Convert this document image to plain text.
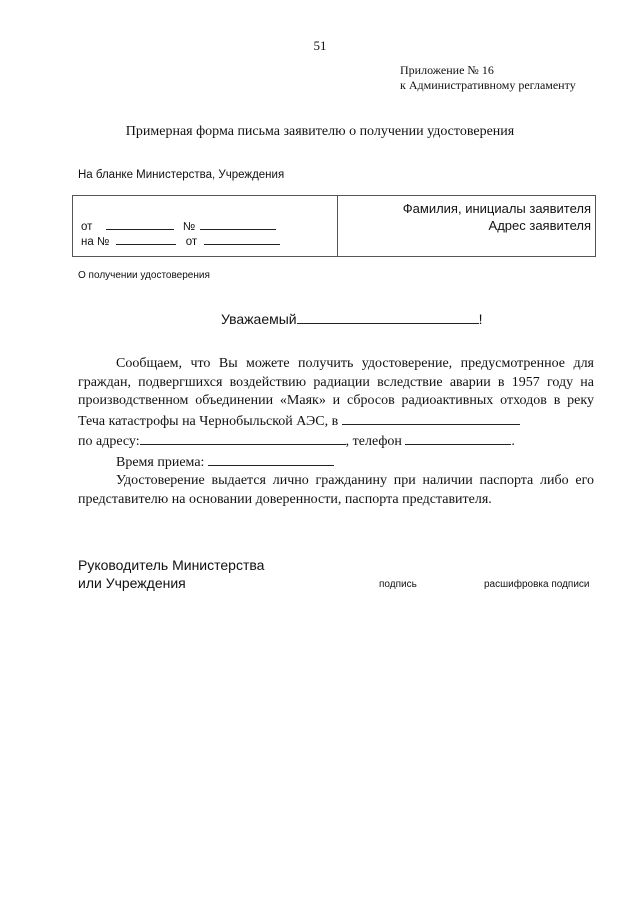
51
Приложение № 16
к Административному регламенту
Примерная форма письма заявителю о получении удостоверения
На бланке Министерства, Учреждения
от	№
на №	от
Фамилия, инициалы заявителя
Адрес заявителя
О получении удостоверения
Уважаемый	!

Сообщаем, что Вы можете получить удостоверение, предусмотренное для граждан, подвергшихся воздействию радиации вследствие аварии в 1957 году на производственном объединении «Маяк» и сбросов радиоактивных отходов в реку Теча катастрофы на Чернобыльской АЭС, в

по адресу:	, телефон	.

Время приема:

Удостоверение выдается лично гражданину при наличии паспорта либо его представителю на основании доверенности, паспорта представителя.

Руководитель Министерства
или Учреждения	подпись	расшифровка подписи
